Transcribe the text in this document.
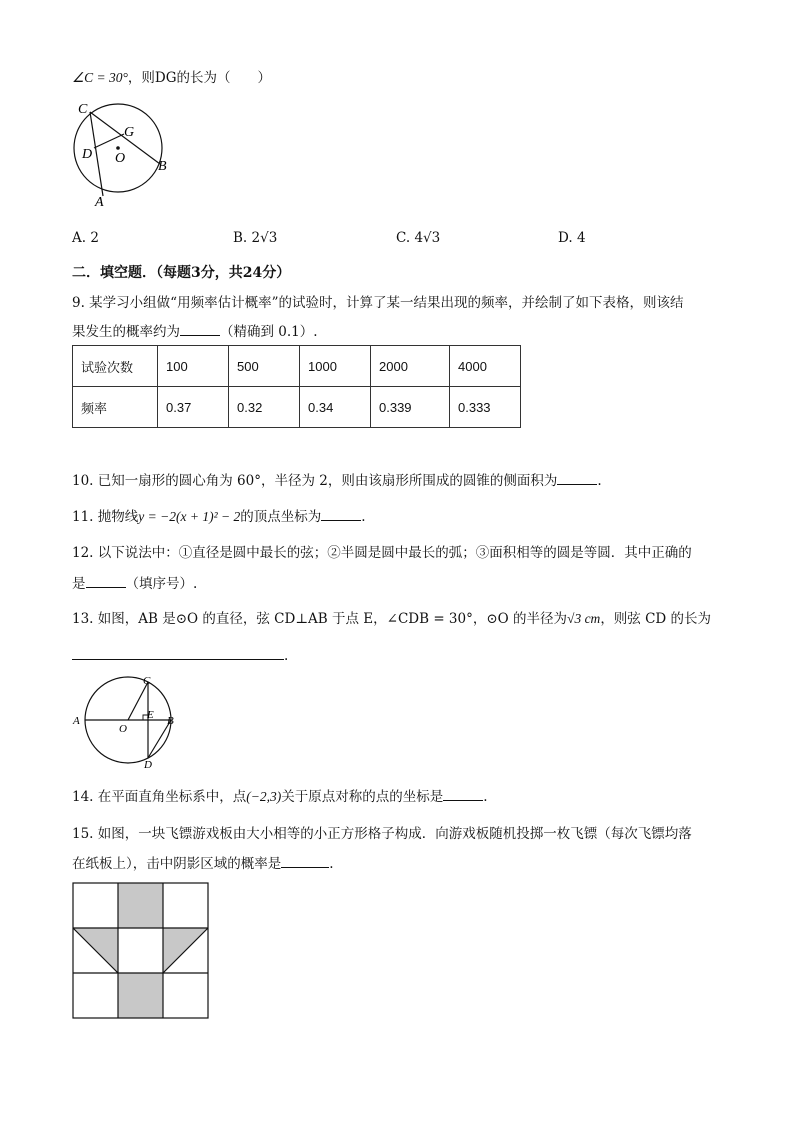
∠C = 30°，则DG的长为（　　）
C
G
D O
B
A
A. 2	B. 2√3	C. 4√3	D. 4
二．填空题．（每题3分，共24分）
9. 某学习小组做“用频率估计概率”的试验时，计算了某一结果出现的频率，并绘制了如下表格，则该结
果发生的概率约为	（精确到 0.1）.
试验次数	100	500	1000	2000	4000
频率	0.37	0.32	0.34	0.339	0.333
10. 已知一扇形的圆心角为 60°，半径为 2，则由该扇形所围成的圆锥的侧面积为	.
11. 抛物线y = −2(x + 1)² − 2的顶点坐标为	.
12. 以下说法中：①直径是圆中最长的弦；②半圆是圆中最长的弧；③面积相等的圆是等圆．其中正确的
是	（填序号）.
13. 如图，AB 是⊙O 的直径，弦 CD⊥AB 于点 E，∠CDB = 30°，⊙O 的半径为√3 cm，则弦 CD 的长为
.
C
A
O
E B
D
14. 在平面直角坐标系中，点(−2,3)关于原点对称的点的坐标是	.
15. 如图，一块飞镖游戏板由大小相等的小正方形格子构成．向游戏板随机投掷一枚飞镖（每次飞镖均落
在纸板上），击中阴影区域的概率是	.
